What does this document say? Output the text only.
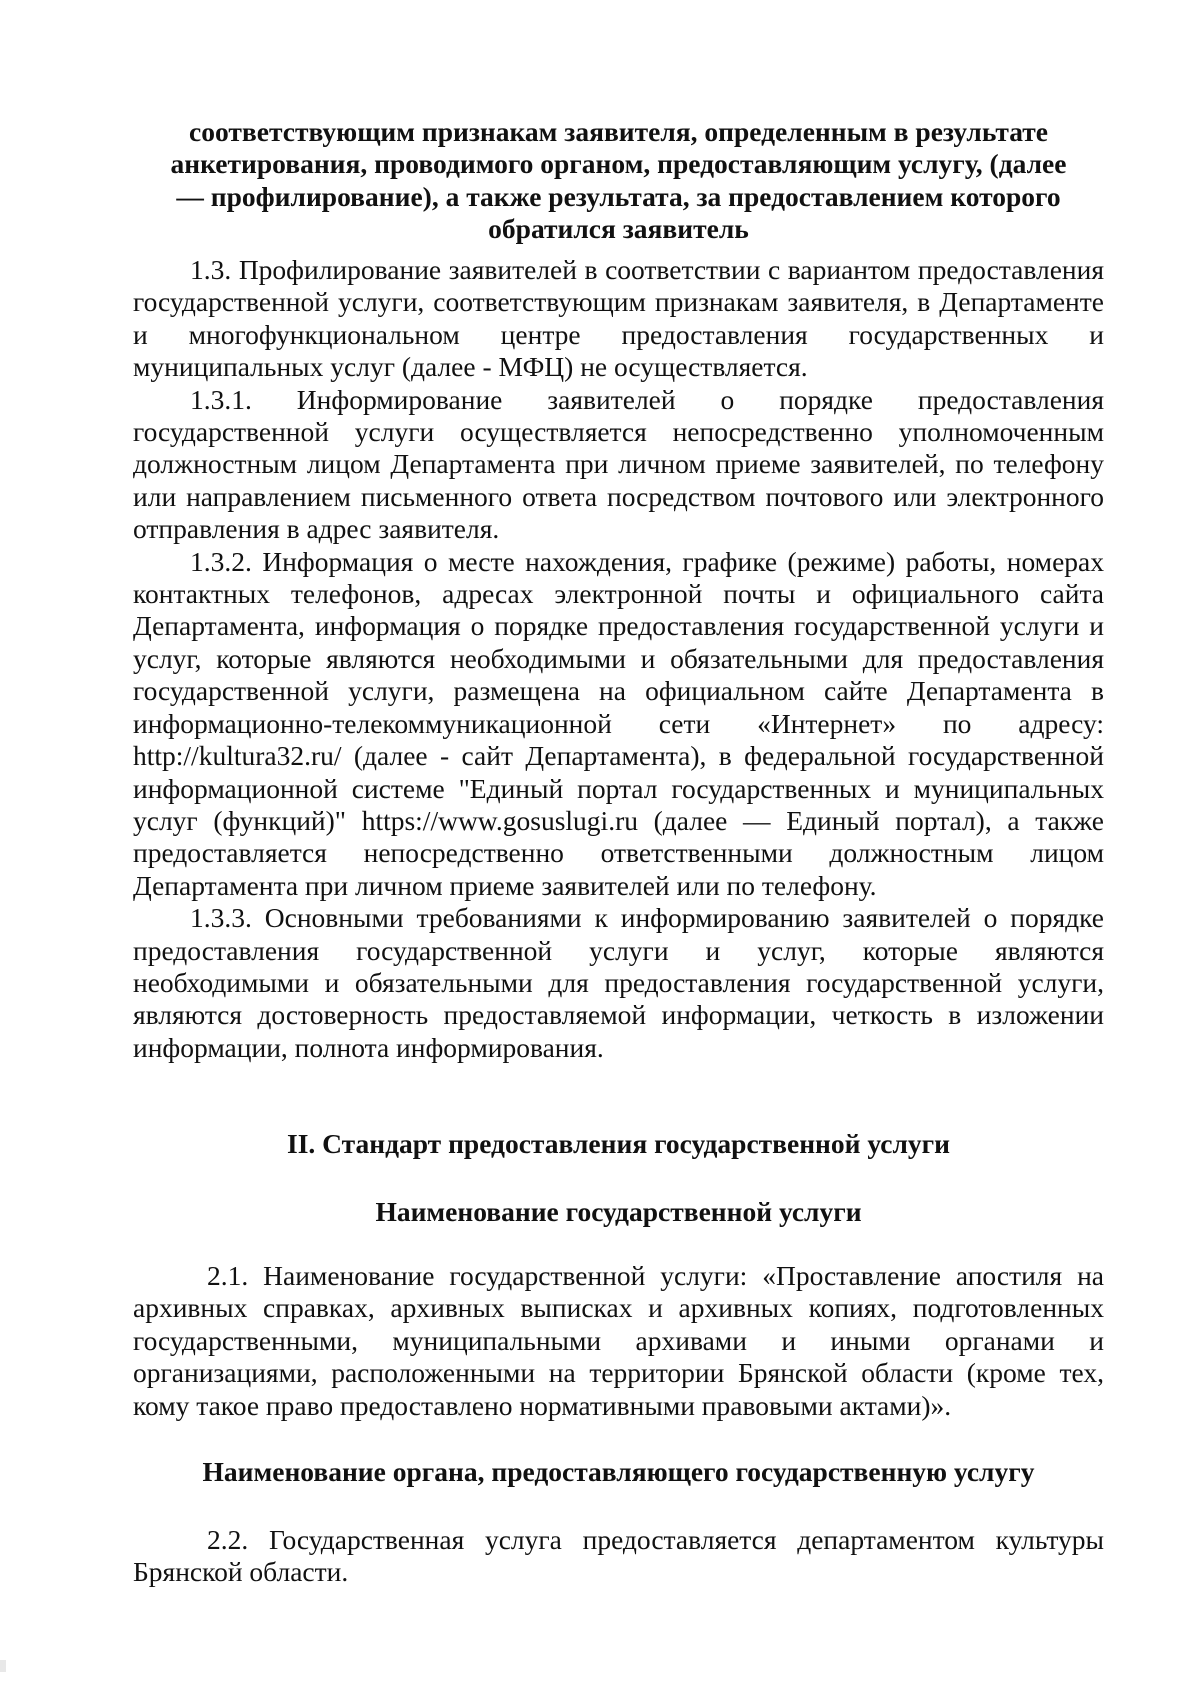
соответствующим признакам заявителя, определенным в результате анкетирования, проводимого органом, предоставляющим услугу, (далее — профилирование), а также результата, за предоставлением которого обратился заявитель

1.3. Профилирование заявителей в соответствии с вариантом предоставления государственной услуги, соответствующим признакам заявителя, в Департаменте и многофункциональном центре предоставления государственных и муниципальных услуг (далее - МФЦ) не осуществляется.

1.3.1. Информирование заявителей о порядке предоставления государственной услуги осуществляется непосредственно уполномоченным должностным лицом Департамента при личном приеме заявителей, по телефону или направлением письменного ответа посредством почтового или электронного отправления в адрес заявителя.

1.3.2. Информация о месте нахождения, графике (режиме) работы, номерах контактных телефонов, адресах электронной почты и официального сайта Департамента, информация о порядке предоставления государственной услуги и услуг, которые являются необходимыми и обязательными для предоставления государственной услуги, размещена на официальном сайте Департамента в информационно-телекоммуникационной сети «Интернет» по адресу: http://kultura32.ru/ (далее - сайт Департамента), в федеральной государственной информационной системе "Единый портал государственных и муниципальных услуг (функций)" https://www.gosuslugi.ru (далее — Единый портал), а также предоставляется непосредственно ответственными должностным лицом Департамента при личном приеме заявителей или по телефону.

1.3.3. Основными требованиями к информированию заявителей о порядке предоставления государственной услуги и услуг, которые являются необходимыми и обязательными для предоставления государственной услуги, являются достоверность предоставляемой информации, четкость в изложении информации, полнота информирования.

II. Стандарт предоставления государственной услуги

Наименование государственной услуги

2.1. Наименование государственной услуги: «Проставление апостиля на архивных справках, архивных выписках и архивных копиях, подготовленных государственными, муниципальными архивами и иными органами и организациями, расположенными на территории Брянской области (кроме тех, кому такое право предоставлено нормативными правовыми актами)».

Наименование органа, предоставляющего государственную услугу

2.2. Государственная услуга предоставляется департаментом культуры Брянской области.
